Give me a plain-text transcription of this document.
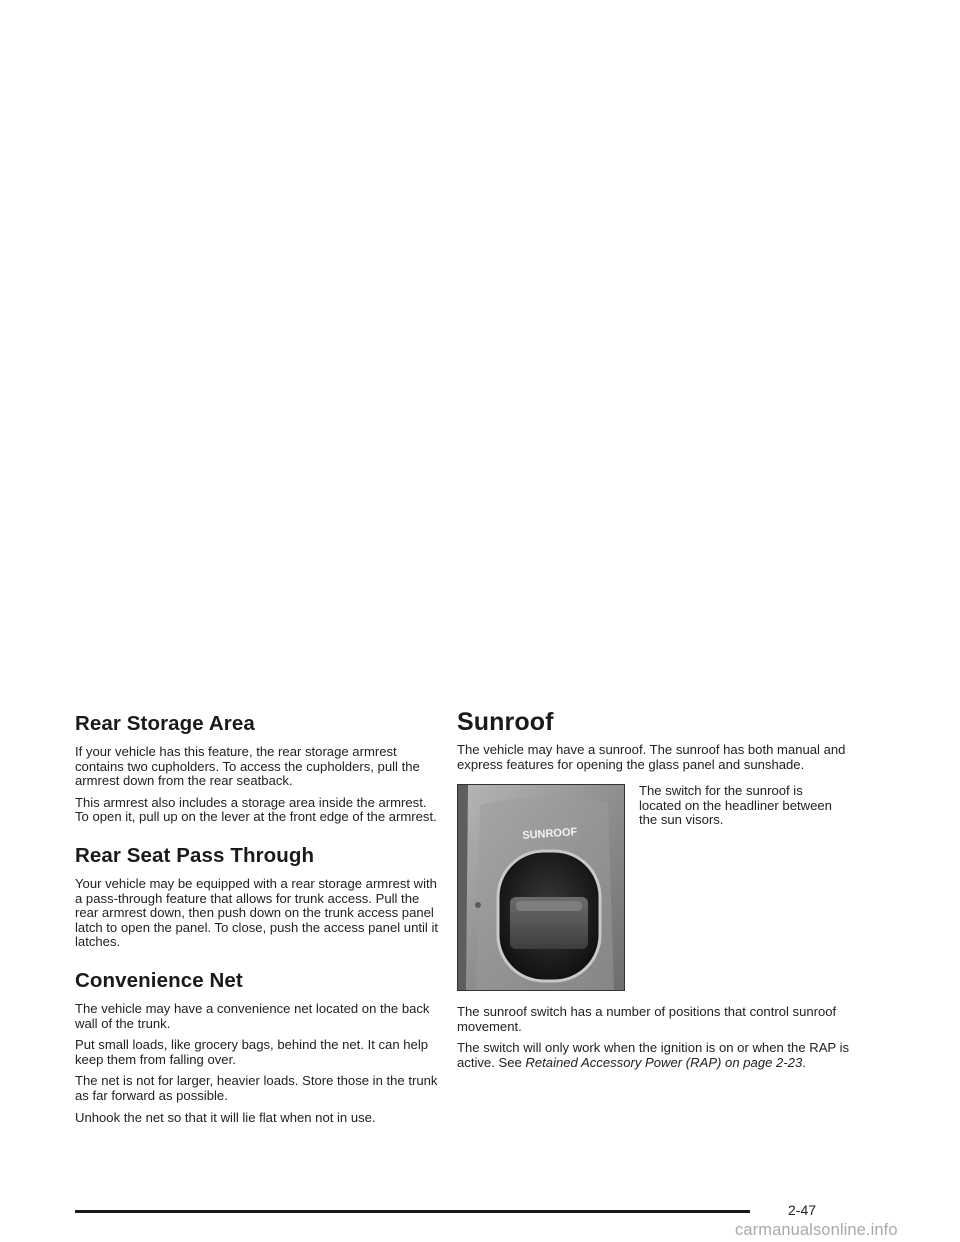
Rear Storage Area

If your vehicle has this feature, the rear storage armrest contains two cupholders. To access the cupholders, pull the armrest down from the rear seatback.

This armrest also includes a storage area inside the armrest. To open it, pull up on the lever at the front edge of the armrest.

Rear Seat Pass Through

Your vehicle may be equipped with a rear storage armrest with a pass-through feature that allows for trunk access. Pull the rear armrest down, then push down on the trunk access panel latch to open the panel. To close, push the access panel until it latches.

Convenience Net

The vehicle may have a convenience net located on the back wall of the trunk.

Put small loads, like grocery bags, behind the net. It can help keep them from falling over.

The net is not for larger, heavier loads. Store those in the trunk as far forward as possible.

Unhook the net so that it will lie flat when not in use.

Sunroof

The vehicle may have a sunroof. The sunroof has both manual and express features for opening the glass panel and sunshade.

SUNROOF

The switch for the sunroof is located on the headliner between the sun visors.

The sunroof switch has a number of positions that control sunroof movement.

The switch will only work when the ignition is on or when the RAP is active. See Retained Accessory Power (RAP) on page 2-23.

2-47
carmanualsonline.info
